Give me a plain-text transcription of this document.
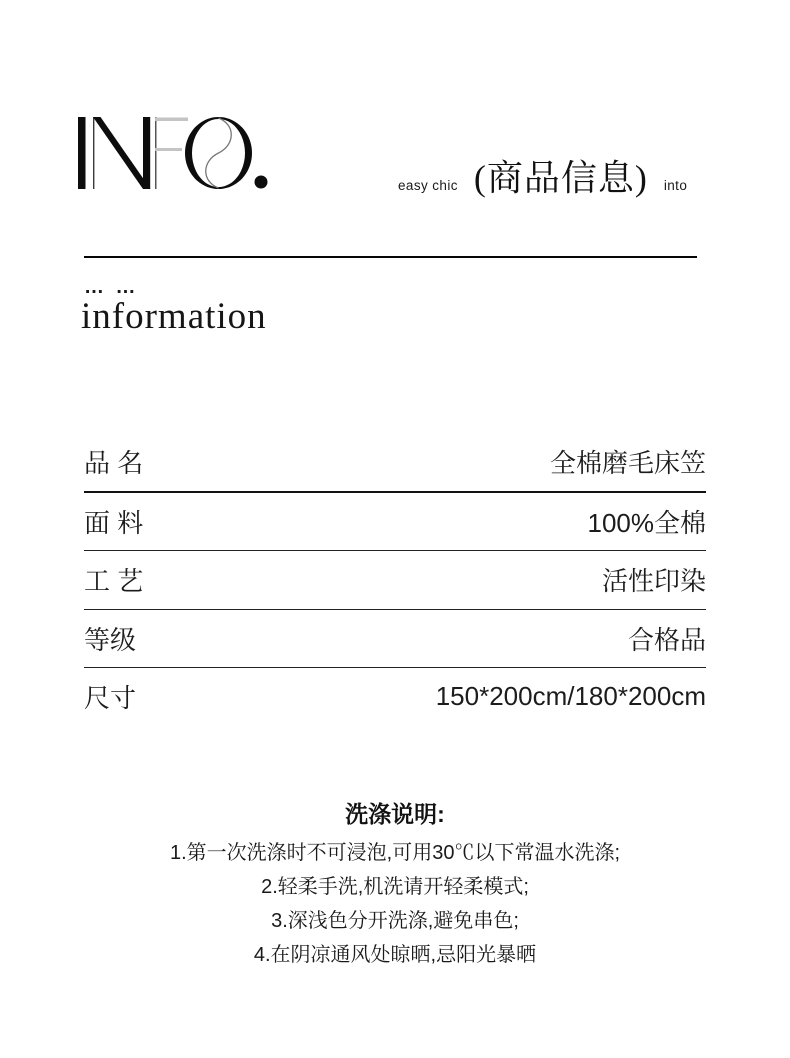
easy chic (商品信息) into
… …
information
品 名	全棉磨毛床笠
面 料	100%全棉
工 艺	活性印染
等级	合格品
尺寸	150*200cm/180*200cm
洗涤说明:
1.第一次洗涤时不可浸泡,可用30℃以下常温水洗涤;
2.轻柔手洗,机洗请开轻柔模式;
3.深浅色分开洗涤,避免串色;
4.在阴凉通风处晾晒,忌阳光暴晒
